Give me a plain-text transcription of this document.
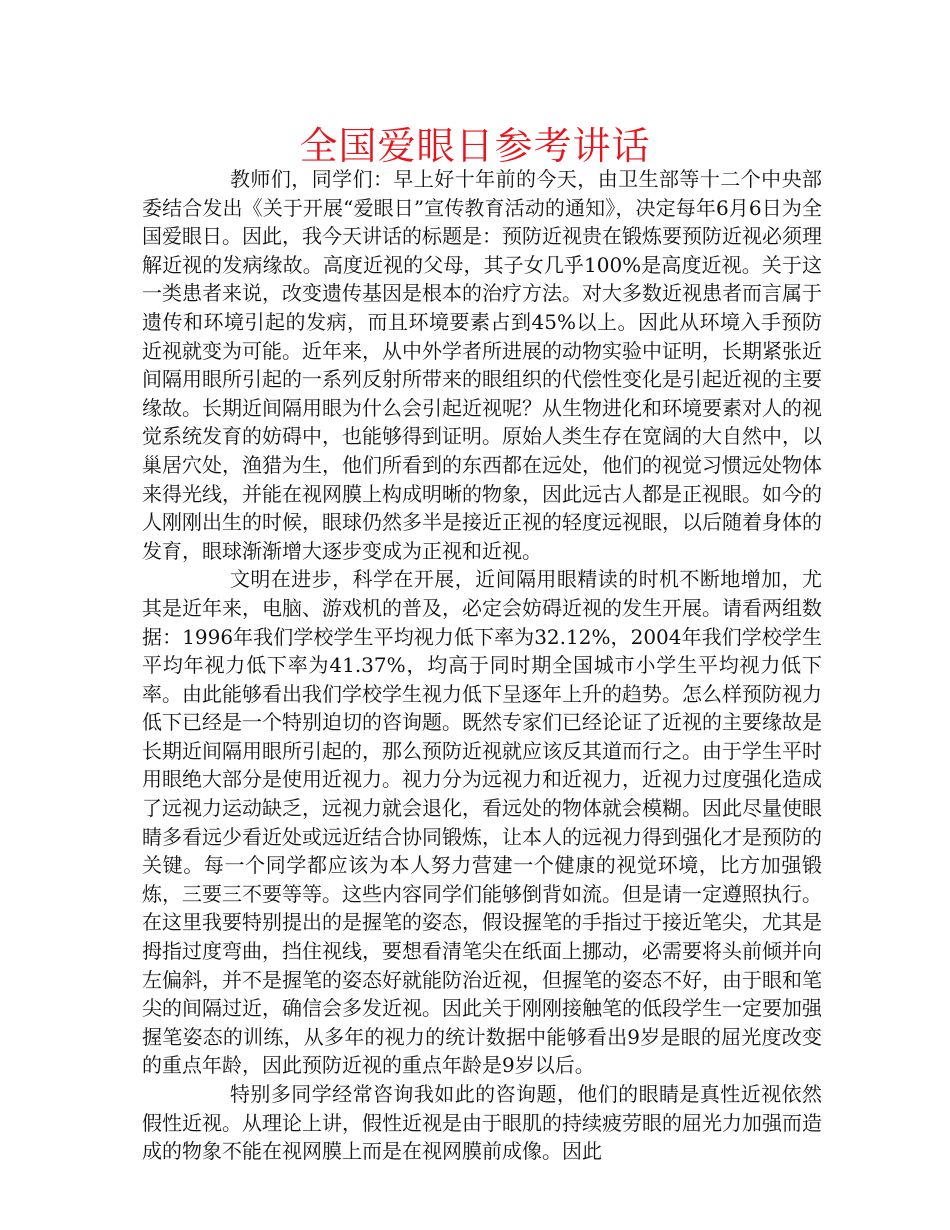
全国爱眼日参考讲话

教师们，同学们：早上好十年前的今天，由卫生部等十二个中央部委结合发出《关于开展“爱眼日”宣传教育活动的通知》，决定每年6月6日为全国爱眼日。因此，我今天讲话的标题是：预防近视贵在锻炼要预防近视必须理解近视的发病缘故。高度近视的父母，其子女几乎100%是高度近视。关于这一类患者来说，改变遗传基因是根本的治疗方法。对大多数近视患者而言属于遗传和环境引起的发病，而且环境要素占到45%以上。因此从环境入手预防近视就变为可能。近年来，从中外学者所进展的动物实验中证明，长期紧张近间隔用眼所引起的一系列反射所带来的眼组织的代偿性变化是引起近视的主要缘故。长期近间隔用眼为什么会引起近视呢？从生物进化和环境要素对人的视觉系统发育的妨碍中，也能够得到证明。原始人类生存在宽阔的大自然中，以巢居穴处，渔猎为生，他们所看到的东西都在远处，他们的视觉习惯远处物体来得光线，并能在视网膜上构成明晰的物象，因此远古人都是正视眼。如今的人刚刚出生的时候，眼球仍然多半是接近正视的轻度远视眼，以后随着身体的发育，眼球渐渐增大逐步变成为正视和近视。

文明在进步，科学在开展，近间隔用眼精读的时机不断地增加，尤其是近年来，电脑、游戏机的普及，必定会妨碍近视的发生开展。请看两组数据：1996年我们学校学生平均视力低下率为32.12%，2004年我们学校学生平均年视力低下率为41.37%，均高于同时期全国城市小学生平均视力低下率。由此能够看出我们学校学生视力低下呈逐年上升的趋势。怎么样预防视力低下已经是一个特别迫切的咨询题。既然专家们已经论证了近视的主要缘故是长期近间隔用眼所引起的，那么预防近视就应该反其道而行之。由于学生平时用眼绝大部分是使用近视力。视力分为远视力和近视力，近视力过度强化造成了远视力运动缺乏，远视力就会退化，看远处的物体就会模糊。因此尽量使眼睛多看远少看近处或远近结合协同锻炼，让本人的远视力得到强化才是预防的关键。每一个同学都应该为本人努力营建一个健康的视觉环境，比方加强锻炼，三要三不要等等。这些内容同学们能够倒背如流。但是请一定遵照执行。在这里我要特别提出的是握笔的姿态，假设握笔的手指过于接近笔尖，尤其是拇指过度弯曲，挡住视线，要想看清笔尖在纸面上挪动，必需要将头前倾并向左偏斜，并不是握笔的姿态好就能防治近视，但握笔的姿态不好，由于眼和笔尖的间隔过近，确信会多发近视。因此关于刚刚接触笔的低段学生一定要加强握笔姿态的训练，从多年的视力的统计数据中能够看出9岁是眼的屈光度改变的重点年龄，因此预防近视的重点年龄是9岁以后。

特别多同学经常咨询我如此的咨询题，他们的眼睛是真性近视依然假性近视。从理论上讲，假性近视是由于眼肌的持续疲劳眼的屈光力加强而造成的物象不能在视网膜上而是在视网膜前成像。因此
